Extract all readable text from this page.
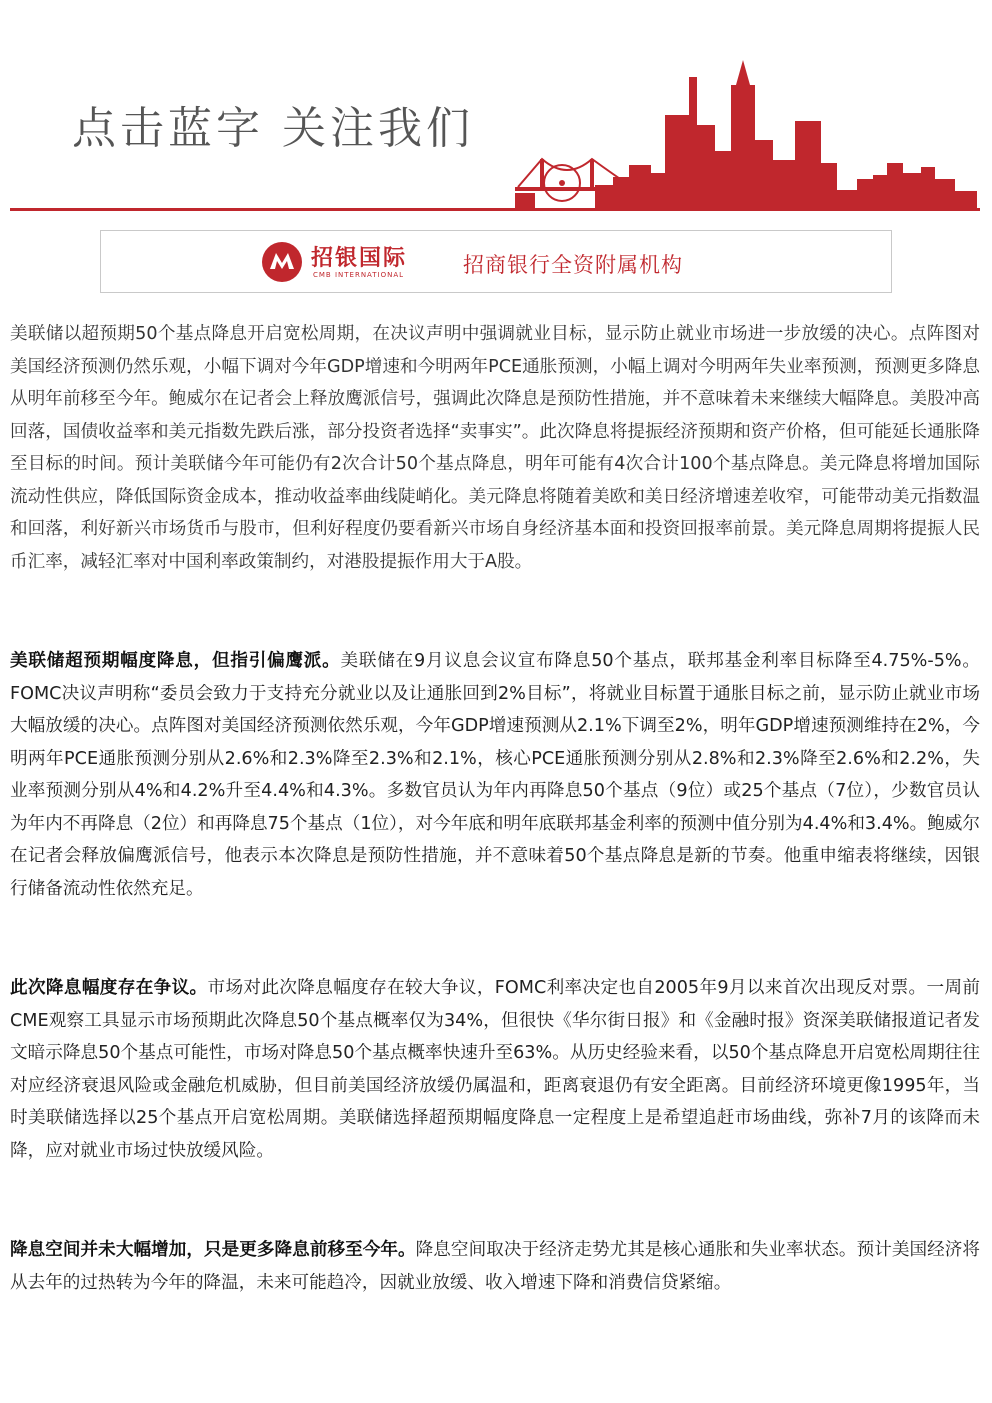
点击蓝字 关注我们
招银国际
CMB INTERNATIONAL	招商银行全资附属机构

美联储以超预期50个基点降息开启宽松周期，在决议声明中强调就业目标，显示防止就业市场进一步放缓的决心。点阵图对美国经济预测仍然乐观，小幅下调对今年GDP增速和今明两年PCE通胀预测，小幅上调对今明两年失业率预测，预测更多降息从明年前移至今年。鲍威尔在记者会上释放鹰派信号，强调此次降息是预防性措施，并不意味着未来继续大幅降息。美股冲高回落，国债收益率和美元指数先跌后涨，部分投资者选择“卖事实”。此次降息将提振经济预期和资产价格，但可能延长通胀降至目标的时间。预计美联储今年可能仍有2次合计50个基点降息，明年可能有4次合计100个基点降息。美元降息将增加国际流动性供应，降低国际资金成本，推动收益率曲线陡峭化。美元降息将随着美欧和美日经济增速差收窄，可能带动美元指数温和回落，利好新兴市场货币与股市，但利好程度仍要看新兴市场自身经济基本面和投资回报率前景。美元降息周期将提振人民币汇率，减轻汇率对中国利率政策制约，对港股提振作用大于A股。

美联储超预期幅度降息，但指引偏鹰派。美联储在9月议息会议宣布降息50个基点，联邦基金利率目标降至4.75%-5%。FOMC决议声明称“委员会致力于支持充分就业以及让通胀回到2%目标”，将就业目标置于通胀目标之前，显示防止就业市场大幅放缓的决心。点阵图对美国经济预测依然乐观，今年GDP增速预测从2.1%下调至2%，明年GDP增速预测维持在2%，今明两年PCE通胀预测分别从2.6%和2.3%降至2.3%和2.1%，核心PCE通胀预测分别从2.8%和2.3%降至2.6%和2.2%，失业率预测分别从4%和4.2%升至4.4%和4.3%。多数官员认为年内再降息50个基点（9位）或25个基点（7位），少数官员认为年内不再降息（2位）和再降息75个基点（1位），对今年底和明年底联邦基金利率的预测中值分别为4.4%和3.4%。鲍威尔在记者会释放偏鹰派信号，他表示本次降息是预防性措施，并不意味着50个基点降息是新的节奏。他重申缩表将继续，因银行储备流动性依然充足。

此次降息幅度存在争议。市场对此次降息幅度存在较大争议，FOMC利率决定也自2005年9月以来首次出现反对票。一周前CME观察工具显示市场预期此次降息50个基点概率仅为34%，但很快《华尔街日报》和《金融时报》资深美联储报道记者发文暗示降息50个基点可能性，市场对降息50个基点概率快速升至63%。从历史经验来看，以50个基点降息开启宽松周期往往对应经济衰退风险或金融危机威胁，但目前美国经济放缓仍属温和，距离衰退仍有安全距离。目前经济环境更像1995年，当时美联储选择以25个基点开启宽松周期。美联储选择超预期幅度降息一定程度上是希望追赶市场曲线，弥补7月的该降而未降，应对就业市场过快放缓风险。

降息空间并未大幅增加，只是更多降息前移至今年。降息空间取决于经济走势尤其是核心通胀和失业率状态。预计美国经济将从去年的过热转为今年的降温，未来可能趋冷，因就业放缓、收入增速下降和消费信贷紧缩。
